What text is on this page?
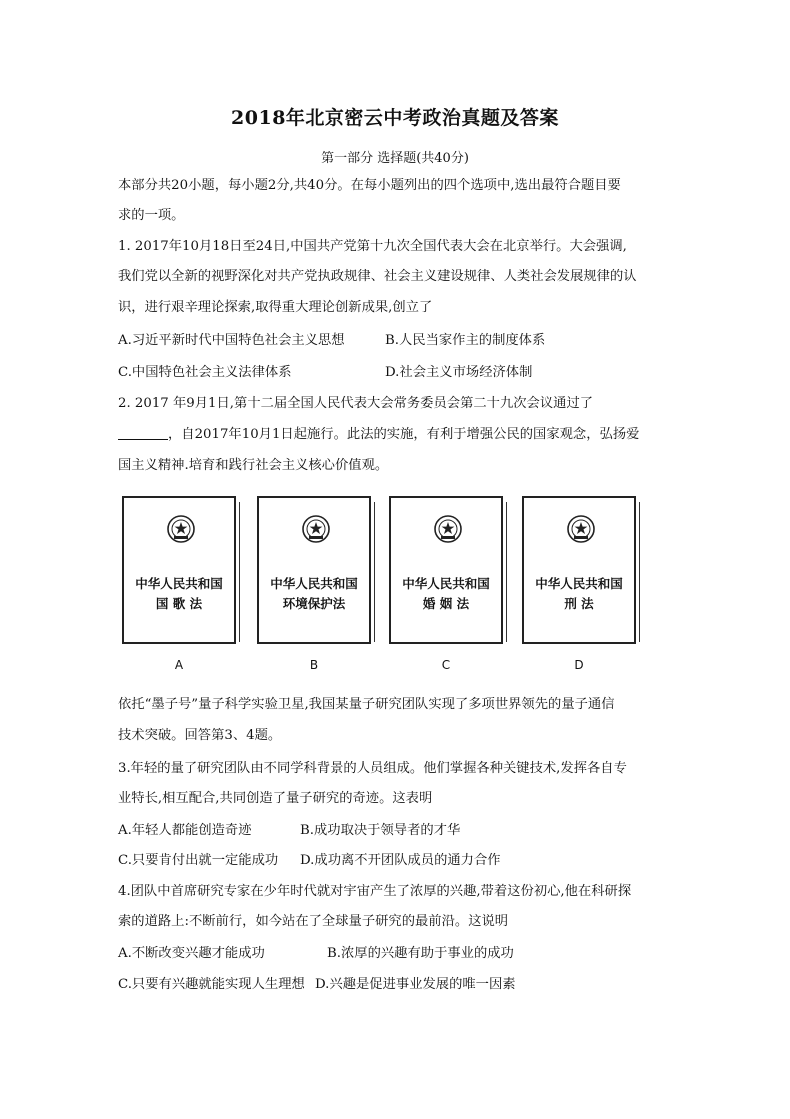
2018年北京密云中考政治真题及答案
第一部分 选择题(共40分)
本部分共20小题，每小题2分,共40分。在每小题列出的四个选项中,选出最符合题目要
求的一项。
1. 2017年10月18日至24日,中国共产党第十九次全国代表大会在北京举行。大会强调,
我们党以全新的视野深化对共产党执政规律、社会主义建设规律、人类社会发展规律的认
识，进行艰辛理论探索,取得重大理论创新成果,创立了
A.习近平新时代中国特色社会主义思想	B.人民当家作主的制度体系
C.中国特色社会主义法律体系	D.社会主义市场经济体制
2. 2017 年9月1日,第十二届全国人民代表大会常务委员会第二十九次会议通过了
，自2017年10月1日起施行。此法的实施，有利于增强公民的国家观念，弘扬爱
国主义精神.培育和践行社会主义核心价值观。
中华人民共和国
国 歌 法
中华人民共和国
环境保护法
中华人民共和国
婚 姻 法
中华人民共和国
刑 法
A	B	C	D
依托“墨子号”量子科学实验卫星,我国某量子研究团队实现了多项世界领先的量子通信
技术突破。回答第3、4题。
3.年轻的量了研究团队由不同学科背景的人员组成。他们掌握各种关键技术,发挥各自专
业特长,相互配合,共同创造了量子研究的奇迹。这表明
A.年轻人都能创造奇迹	B.成功取决于领导者的才华
C.只要肯付出就一定能成功 D.成功离不开团队成员的通力合作
4.团队中首席研究专家在少年时代就对宇宙产生了浓厚的兴趣,带着这份初心,他在科研探
索的道路上:不断前行，如今站在了全球量子研究的最前沿。这说明
A.不断改变兴趣才能成功	B.浓厚的兴趣有助于事业的成功
C.只要有兴趣就能实现人生理想 D.兴趣是促进事业发展的唯一因素
